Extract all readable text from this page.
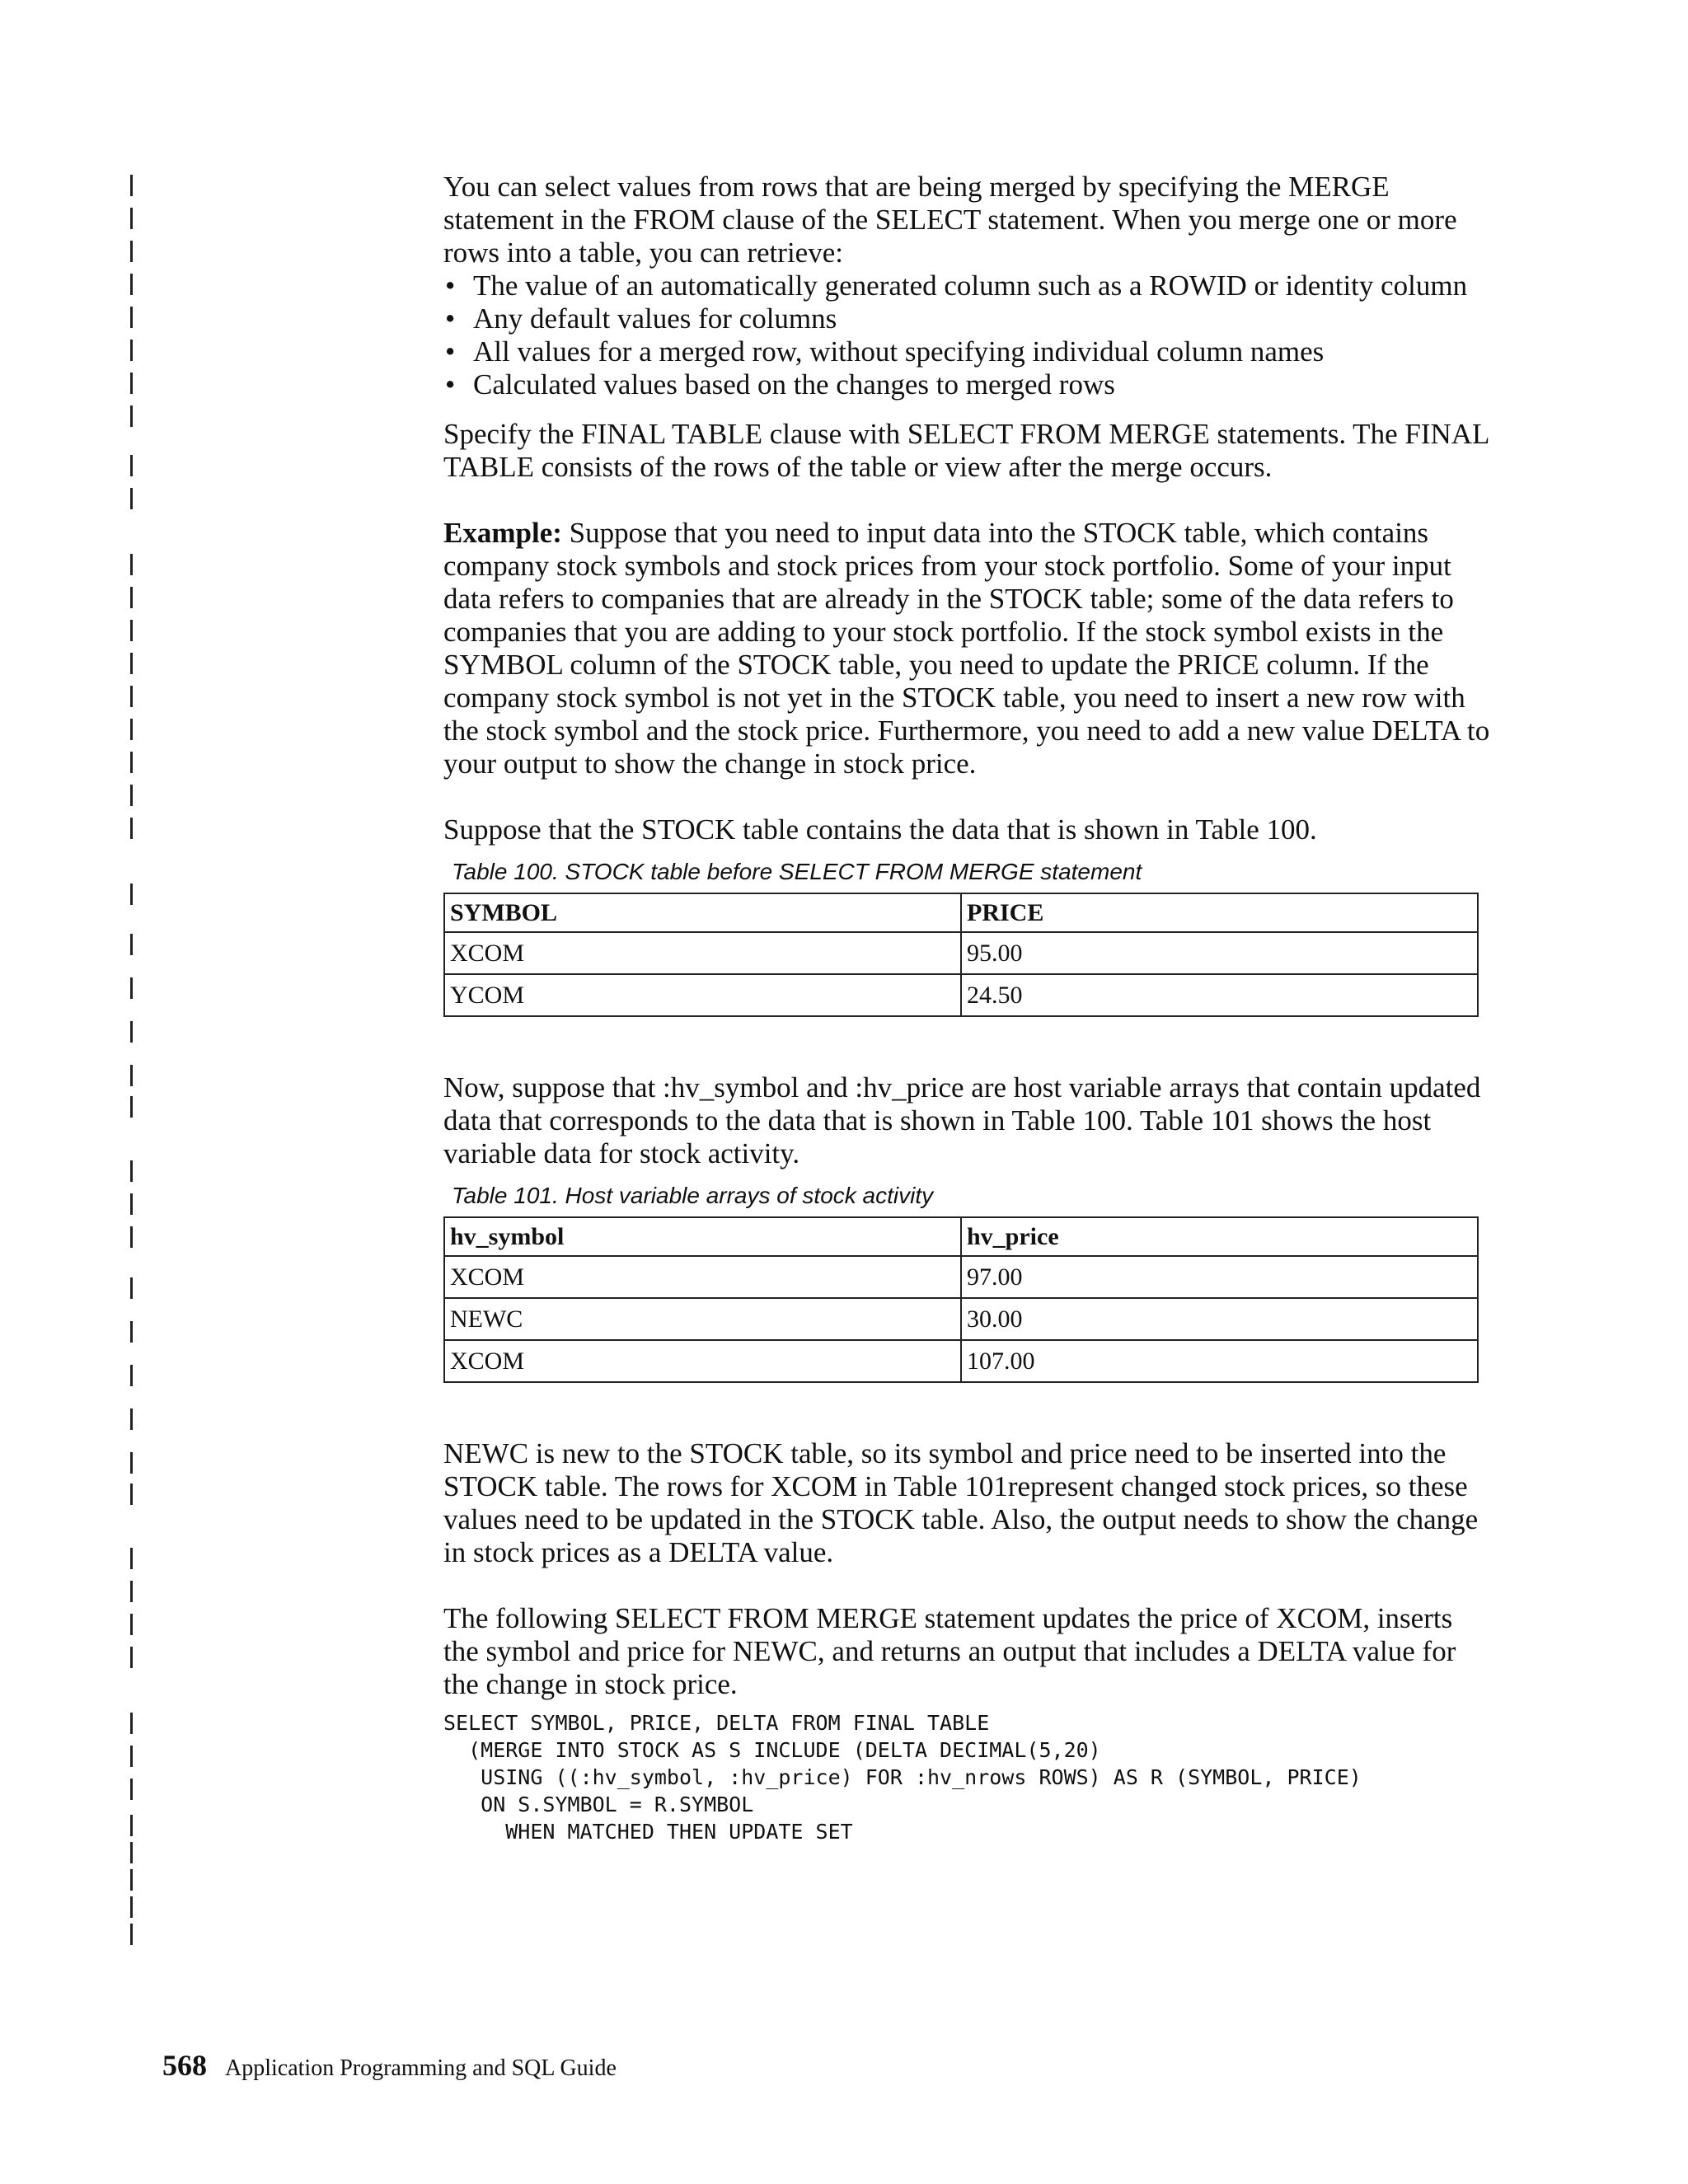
You can select values from rows that are being merged by specifying the MERGE statement in the FROM clause of the SELECT statement. When you merge one or more rows into a table, you can retrieve:

• The value of an automatically generated column such as a ROWID or identity column
• Any default values for columns
• All values for a merged row, without specifying individual column names
• Calculated values based on the changes to merged rows

Specify the FINAL TABLE clause with SELECT FROM MERGE statements. The FINAL TABLE consists of the rows of the table or view after the merge occurs.

Example: Suppose that you need to input data into the STOCK table, which contains company stock symbols and stock prices from your stock portfolio. Some of your input data refers to companies that are already in the STOCK table; some of the data refers to companies that you are adding to your stock portfolio. If the stock symbol exists in the SYMBOL column of the STOCK table, you need to update the PRICE column. If the company stock symbol is not yet in the STOCK table, you need to insert a new row with the stock symbol and the stock price. Furthermore, you need to add a new value DELTA to your output to show the change in stock price.

Suppose that the STOCK table contains the data that is shown in Table 100.

Table 100. STOCK table before SELECT FROM MERGE statement

SYMBOL	PRICE
XCOM	95.00
YCOM	24.50

Now, suppose that :hv_symbol and :hv_price are host variable arrays that contain updated data that corresponds to the data that is shown in Table 100. Table 101 shows the host variable data for stock activity.

Table 101. Host variable arrays of stock activity

hv_symbol	hv_price
XCOM	97.00
NEWC	30.00
XCOM	107.00

NEWC is new to the STOCK table, so its symbol and price need to be inserted into the STOCK table. The rows for XCOM in Table 101represent changed stock prices, so these values need to be updated in the STOCK table. Also, the output needs to show the change in stock prices as a DELTA value.

The following SELECT FROM MERGE statement updates the price of XCOM, inserts the symbol and price for NEWC, and returns an output that includes a DELTA value for the change in stock price.

SELECT SYMBOL, PRICE, DELTA FROM FINAL TABLE
(MERGE INTO STOCK AS S INCLUDE (DELTA DECIMAL(5,20)
USING ((:hv_symbol, :hv_price) FOR :hv_nrows ROWS) AS R (SYMBOL, PRICE)
ON S.SYMBOL = R.SYMBOL
WHEN MATCHED THEN UPDATE SET
568 Application Programming and SQL Guide
